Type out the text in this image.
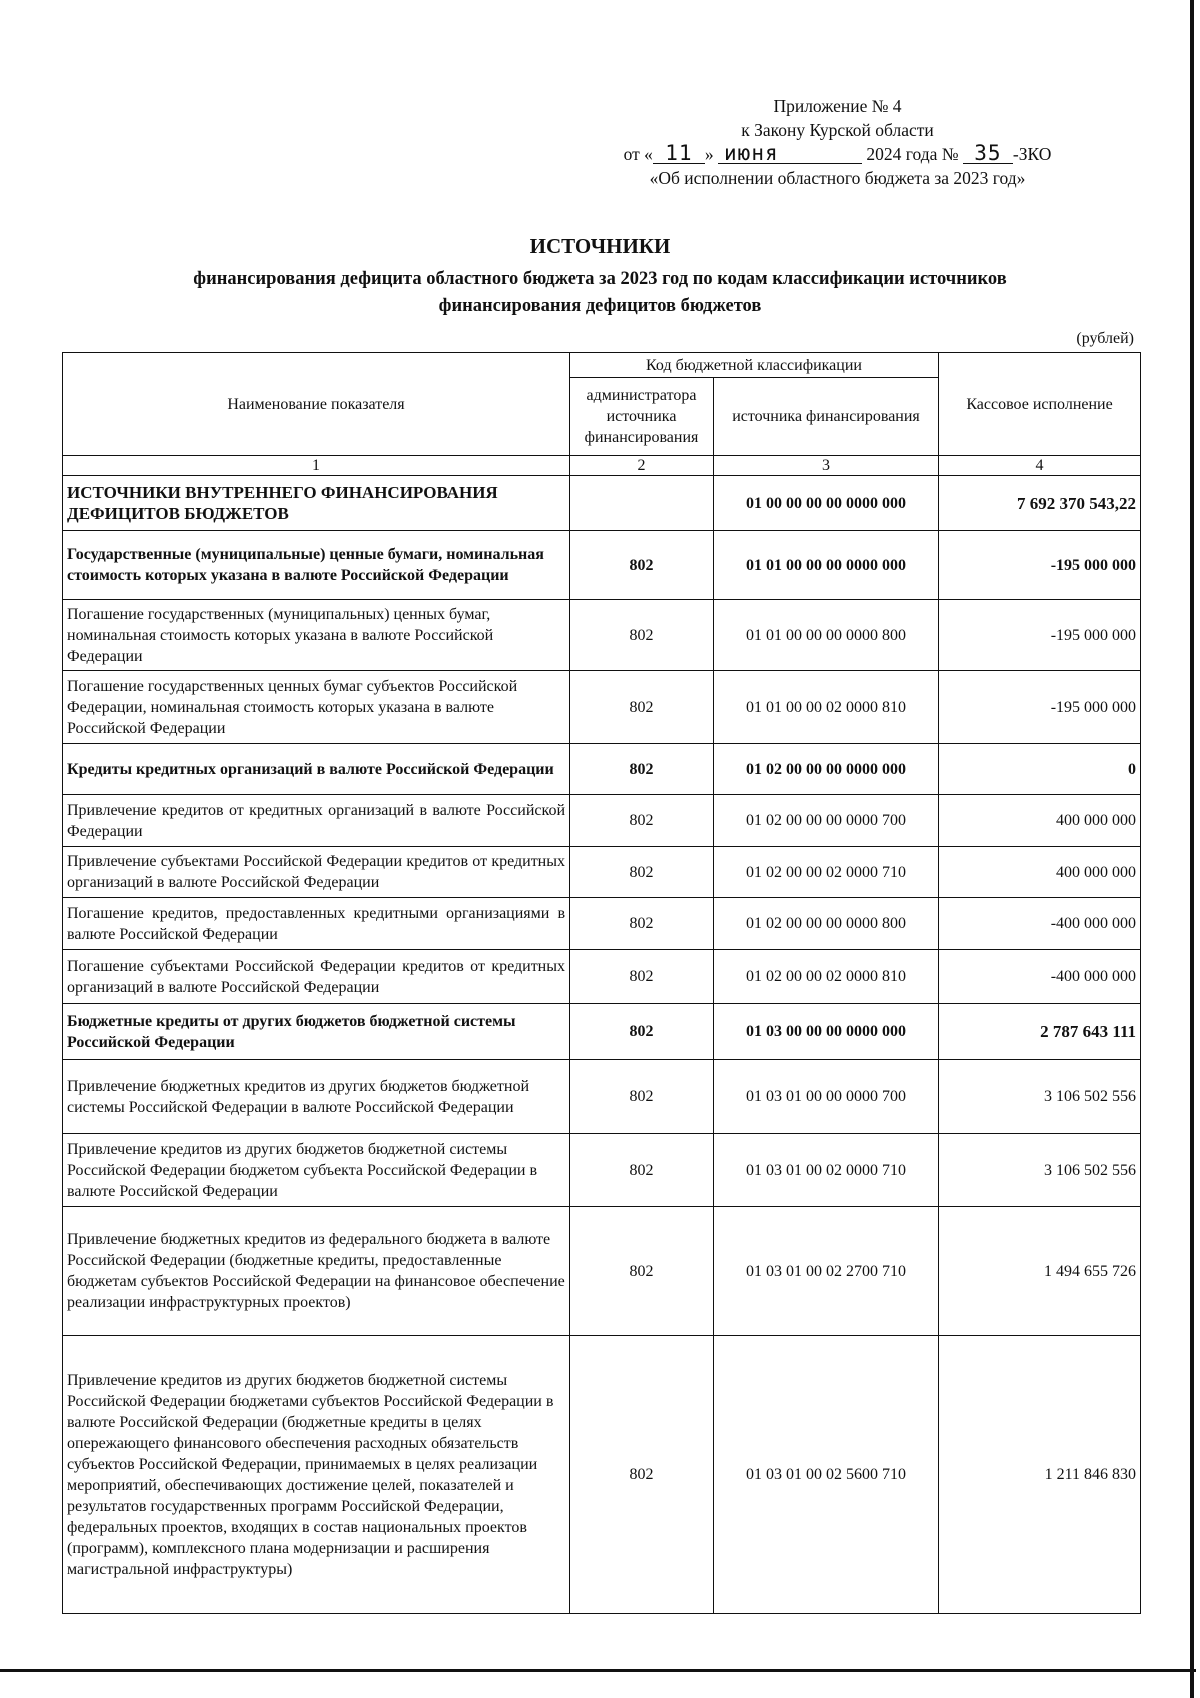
Приложение № 4
к Закону Курской области
от « 11 » июня	2024 года № 35 -ЗКО
«Об исполнении областного бюджета за 2023 год»
ИСТОЧНИКИ
финансирования дефицита областного бюджета за 2023 год по кодам классификации источников
финансирования дефицитов бюджетов
(рублей)
Наименование показателя	Код бюджетной классификации		Кассовое исполнение
	администратора источника финансирования	источника финансирования	
1	2	3	4
ИСТОЧНИКИ ВНУТРЕННЕГО ФИНАНСИРОВАНИЯ ДЕФИЦИТОВ БЮДЖЕТОВ		01 00 00 00 00 0000 000	7 692 370 543,22
Государственные (муниципальные) ценные бумаги, номинальная стоимость которых указана в валюте Российской Федерации	802	01 01 00 00 00 0000 000	-195 000 000
Погашение государственных (муниципальных) ценных бумаг, номинальная стоимость которых указана в валюте Российской Федерации	802	01 01 00 00 00 0000 800	-195 000 000
Погашение государственных ценных бумаг субъектов Российской Федерации, номинальная стоимость которых указана в валюте Российской Федерации	802	01 01 00 00 02 0000 810	-195 000 000
Кредиты кредитных организаций в валюте Российской Федерации	802	01 02 00 00 00 0000 000	0
Привлечение кредитов от кредитных организаций в валюте Российской Федерации	802	01 02 00 00 00 0000 700	400 000 000
Привлечение субъектами Российской Федерации кредитов от кредитных организаций в валюте Российской Федерации	802	01 02 00 00 02 0000 710	400 000 000
Погашение кредитов, предоставленных кредитными организациями в валюте Российской Федерации	802	01 02 00 00 00 0000 800	-400 000 000
Погашение субъектами Российской Федерации кредитов от кредитных организаций в валюте Российской Федерации	802	01 02 00 00 02 0000 810	-400 000 000
Бюджетные кредиты от других бюджетов бюджетной системы Российской Федерации	802	01 03 00 00 00 0000 000	2 787 643 111
Привлечение бюджетных кредитов из других бюджетов бюджетной системы Российской Федерации в валюте Российской Федерации	802	01 03 01 00 00 0000 700	3 106 502 556
Привлечение кредитов из других бюджетов бюджетной системы Российской Федерации бюджетом субъекта Российской Федерации в валюте Российской Федерации	802	01 03 01 00 02 0000 710	3 106 502 556
Привлечение бюджетных кредитов из федерального бюджета в валюте Российской Федерации (бюджетные кредиты, предоставленные бюджетам субъектов Российской Федерации на финансовое обеспечение реализации инфраструктурных проектов)	802	01 03 01 00 02 2700 710	1 494 655 726
Привлечение кредитов из других бюджетов бюджетной системы Российской Федерации бюджетами субъектов Российской Федерации в валюте Российской Федерации (бюджетные кредиты в целях опережающего финансового обеспечения расходных обязательств субъектов Российской Федерации, принимаемых в целях реализации мероприятий, обеспечивающих достижение целей, показателей и результатов государственных программ Российской Федерации, федеральных проектов, входящих в состав национальных проектов (программ), комплексного плана модернизации и расширения магистральной инфраструктуры)	802	01 03 01 00 02 5600 710	1 211 846 830
